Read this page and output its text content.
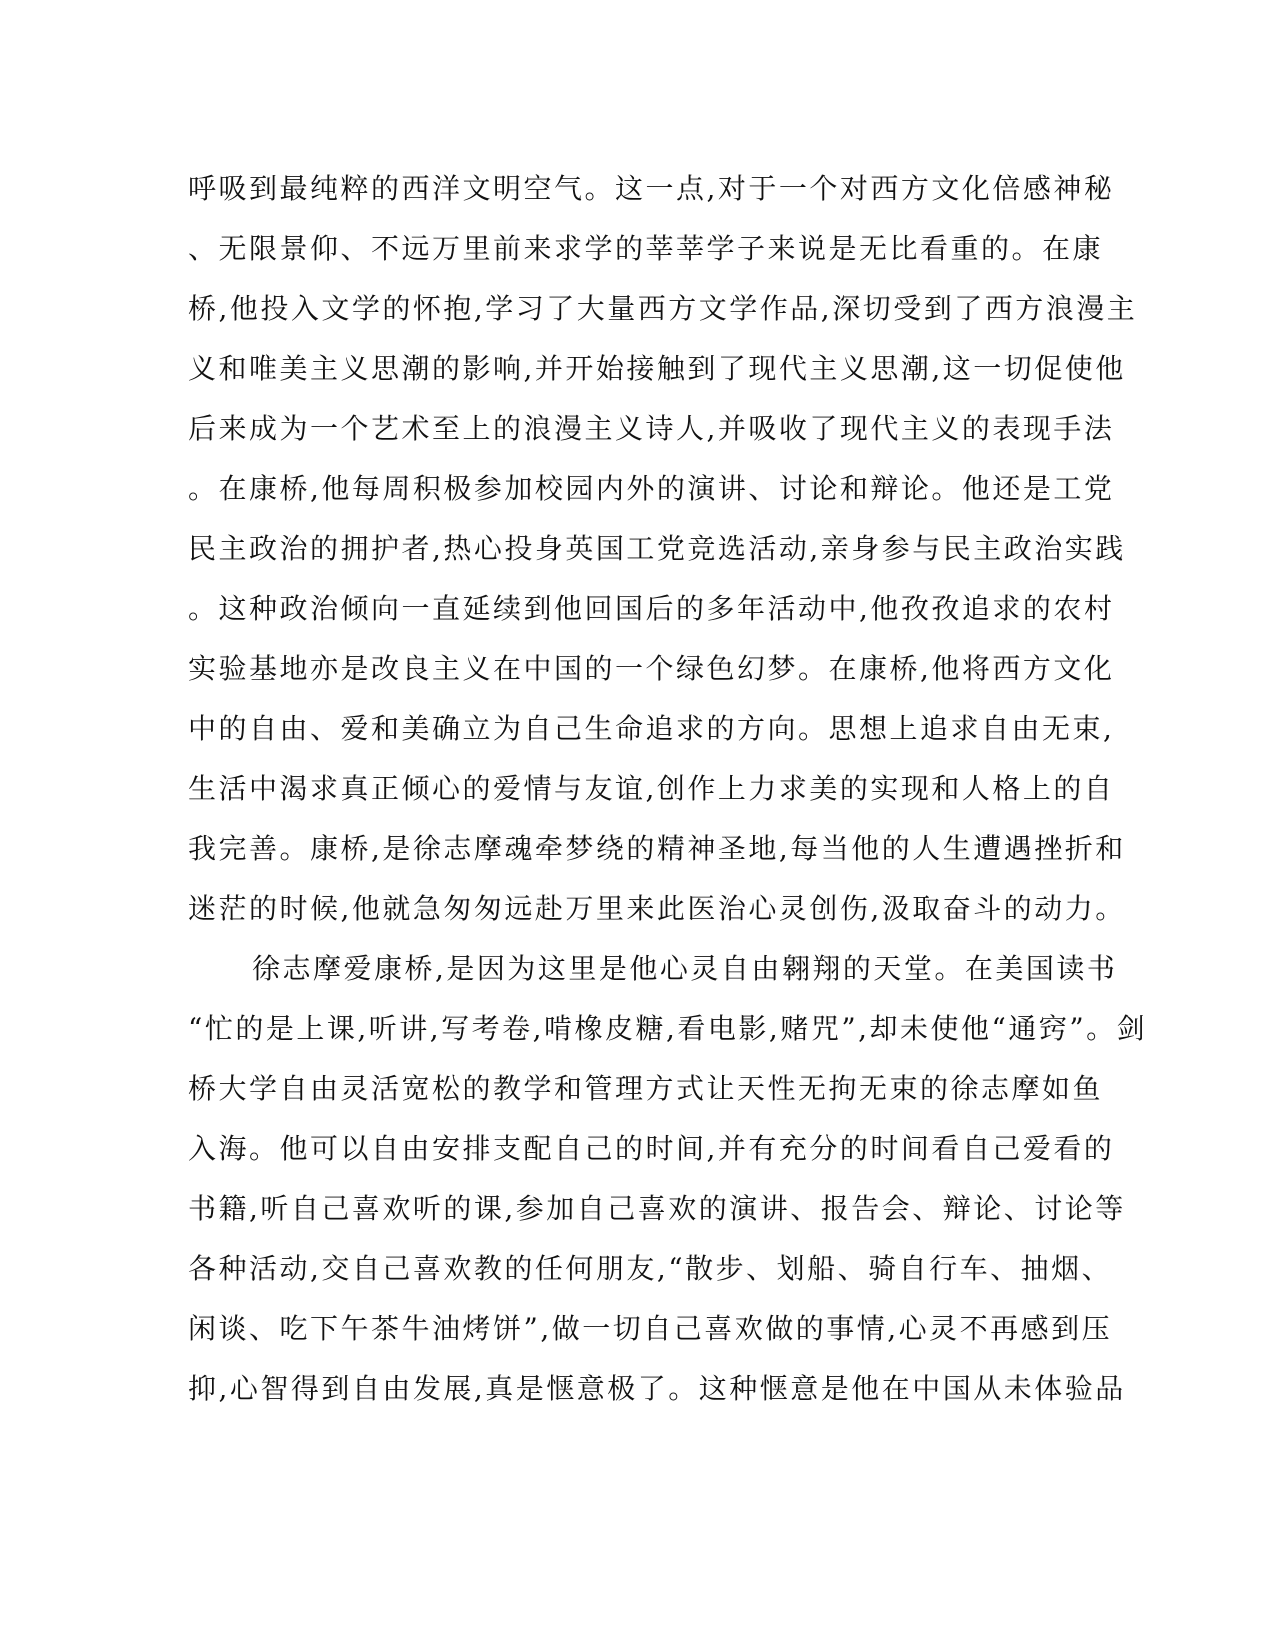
呼吸到最纯粹的西洋文明空气。这一点,对于一个对西方文化倍感神秘
、无限景仰、不远万里前来求学的莘莘学子来说是无比看重的。在康
桥,他投入文学的怀抱,学习了大量西方文学作品,深切受到了西方浪漫主
义和唯美主义思潮的影响,并开始接触到了现代主义思潮,这一切促使他
后来成为一个艺术至上的浪漫主义诗人,并吸收了现代主义的表现手法
。在康桥,他每周积极参加校园内外的演讲、讨论和辩论。他还是工党
民主政治的拥护者,热心投身英国工党竞选活动,亲身参与民主政治实践
。这种政治倾向一直延续到他回国后的多年活动中,他孜孜追求的农村
实验基地亦是改良主义在中国的一个绿色幻梦。在康桥,他将西方文化
中的自由、爱和美确立为自己生命追求的方向。思想上追求自由无束,
生活中渴求真正倾心的爱情与友谊,创作上力求美的实现和人格上的自
我完善。康桥,是徐志摩魂牵梦绕的精神圣地,每当他的人生遭遇挫折和
迷茫的时候,他就急匆匆远赴万里来此医治心灵创伤,汲取奋斗的动力。
徐志摩爱康桥,是因为这里是他心灵自由翱翔的天堂。在美国读书
“忙的是上课,听讲,写考卷,啃橡皮糖,看电影,赌咒”,却未使他“通窍”。剑
桥大学自由灵活宽松的教学和管理方式让天性无拘无束的徐志摩如鱼
入海。他可以自由安排支配自己的时间,并有充分的时间看自己爱看的
书籍,听自己喜欢听的课,参加自己喜欢的演讲、报告会、辩论、讨论等
各种活动,交自己喜欢教的任何朋友,“散步、划船、骑自行车、抽烟、
闲谈、吃下午茶牛油烤饼”,做一切自己喜欢做的事情,心灵不再感到压
抑,心智得到自由发展,真是惬意极了。这种惬意是他在中国从未体验品
